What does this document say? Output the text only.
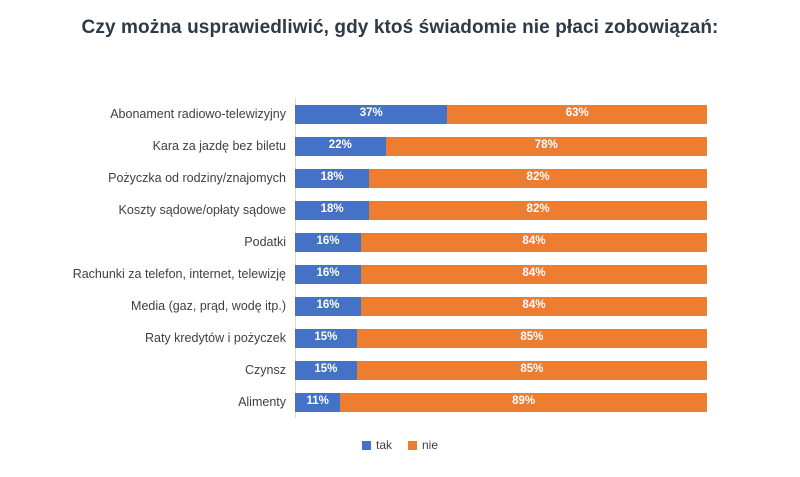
Czy można usprawiedliwić, gdy ktoś świadomie nie płaci zobowiązań:
Abonament radiowo-telewizyjny	37%	63%
Kara za jazdę bez biletu	22%	78%
Pożyczka od rodziny/znajomych	18%	82%
Koszty sądowe/opłaty sądowe	18%	82%
Podatki	16%	84%
Rachunki za telefon, internet, telewizję	16%	84%
Media (gaz, prąd, wodę itp.)	16%	84%
Raty kredytów i pożyczek	15%	85%
Czynsz	15%	85%
Alimenty	11%	89%
tak	nie
